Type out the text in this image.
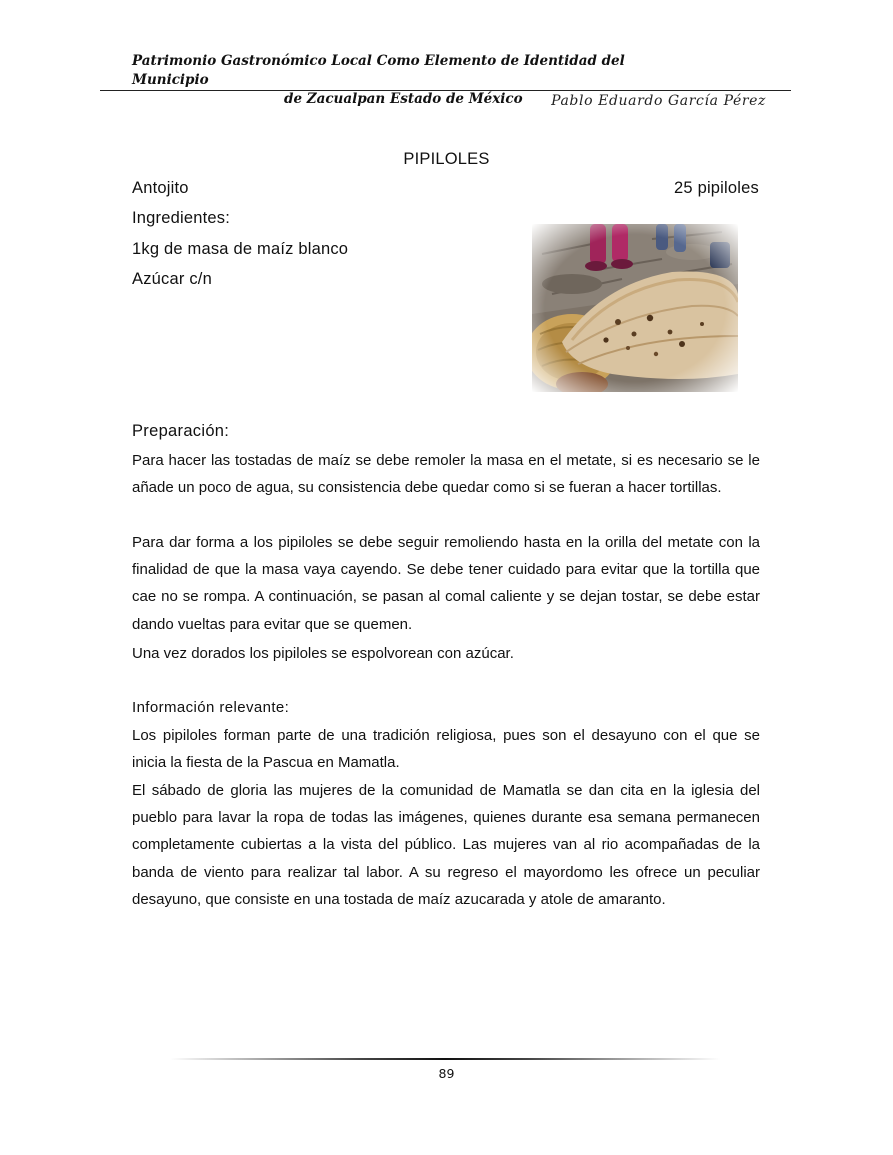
Patrimonio Gastronómico Local Como Elemento de Identidad del Municipio
de Zacualpan Estado de México	Pablo Eduardo García Pérez
PIPILOLES
Antojito	25 pipiloles
Ingredientes:
1kg de masa de maíz blanco
Azúcar c/n
Preparación:

Para hacer las tostadas de maíz se debe remoler la masa en el metate, si es necesario se le añade un poco de agua, su consistencia debe quedar como si se fueran a hacer tortillas.

Para dar forma a los pipiloles se debe seguir remoliendo hasta en la orilla del metate con la finalidad de que la masa vaya cayendo. Se debe tener cuidado para evitar que la tortilla que cae no se rompa. A continuación, se pasan al comal caliente y se dejan tostar, se debe estar dando vueltas para evitar que se quemen.

Una vez dorados los pipiloles se espolvorean con azúcar.

Información relevante:

Los pipiloles forman parte de una tradición religiosa, pues son el desayuno con el que se inicia la fiesta de la Pascua en Mamatla.

El sábado de gloria las mujeres de la comunidad de Mamatla se dan cita en la iglesia del pueblo para lavar la ropa de todas las imágenes, quienes durante esa semana permanecen completamente cubiertas a la vista del público. Las mujeres van al rio acompañadas de la banda de viento para realizar tal labor. A su regreso el mayordomo les ofrece un peculiar desayuno, que consiste en una tostada de maíz azucarada y atole de amaranto.

89
